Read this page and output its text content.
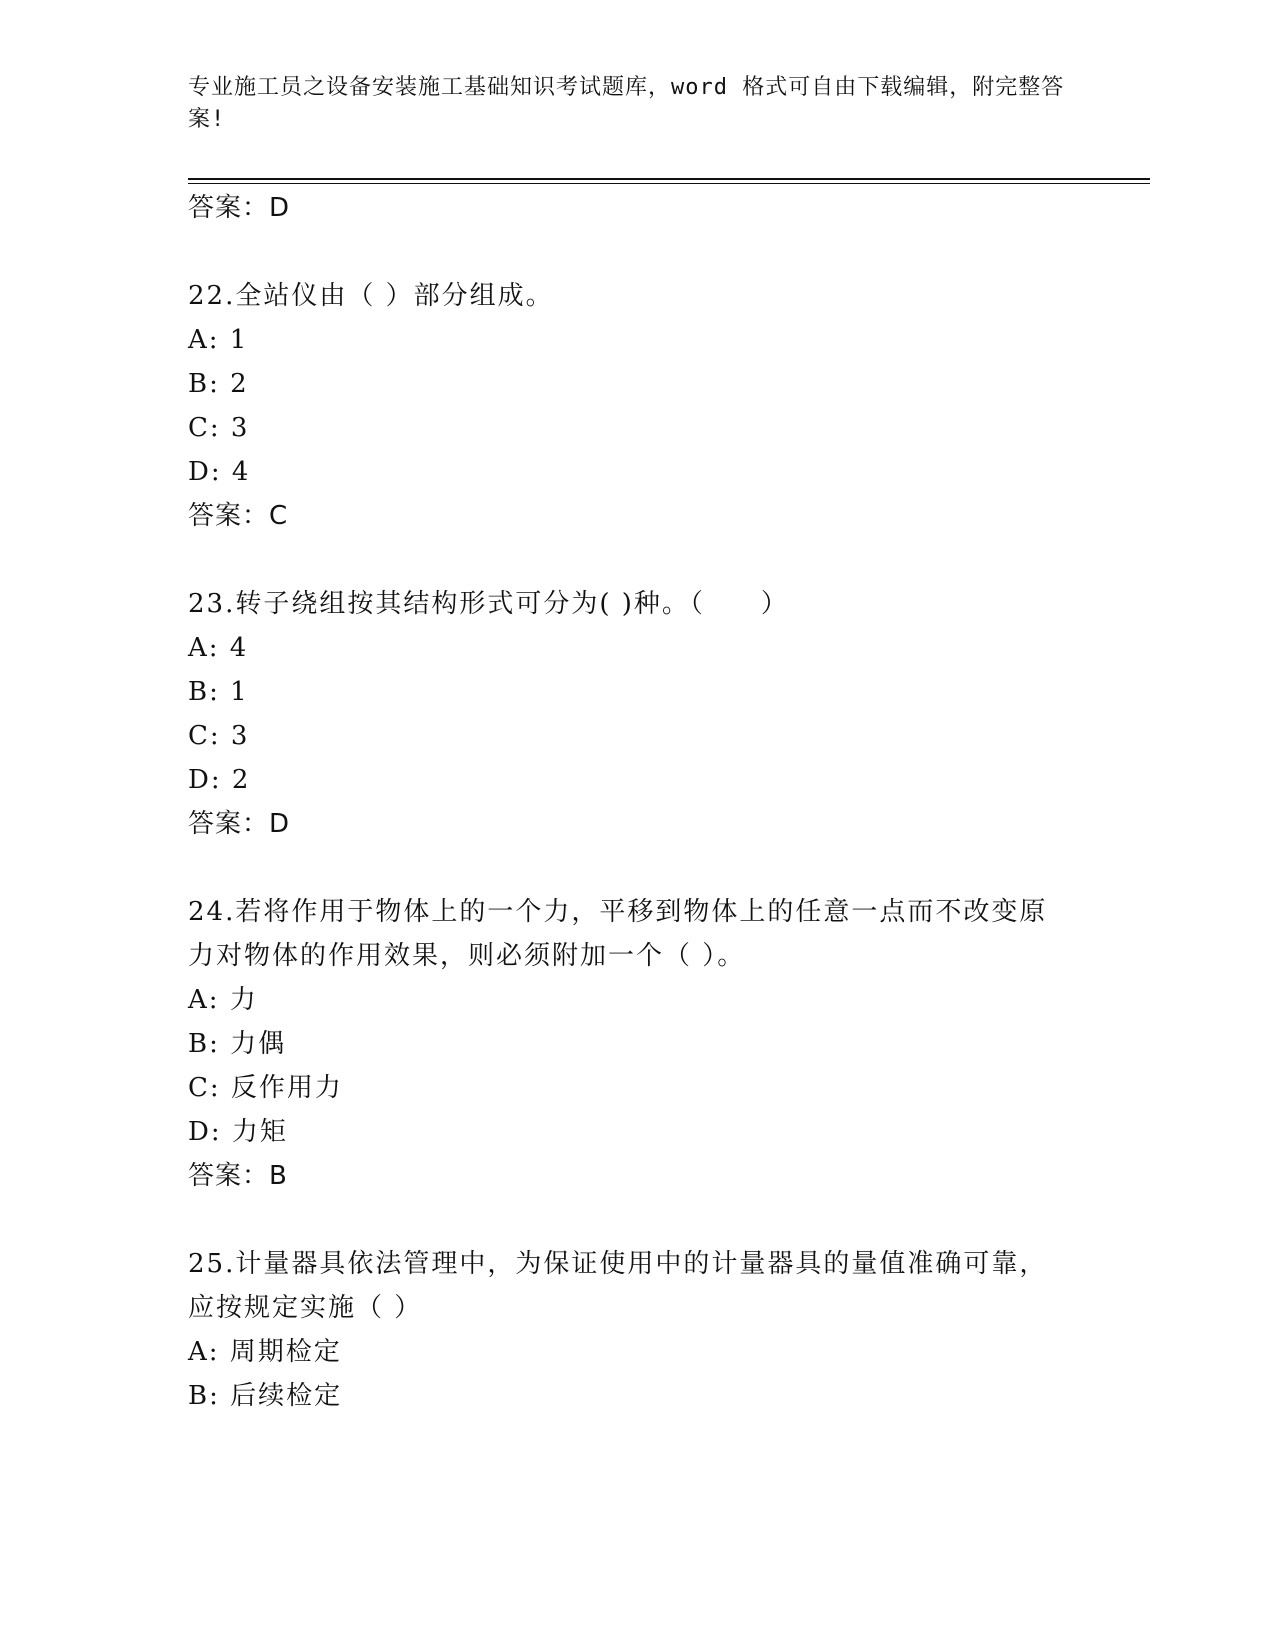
专业施工员之设备安装施工基础知识考试题库，word 格式可自由下载编辑，附完整答案!
答案：D
22.全站仪由（ ）部分组成。
A: 1
B: 2
C: 3
D: 4
答案：C
23.转子绕组按其结构形式可分为( )种。（　　）
A: 4
B: 1
C: 3
D: 2
答案：D
24.若将作用于物体上的一个力，平移到物体上的任意一点而不改变原
力对物体的作用效果，则必须附加一个（ ）。
A: 力
B: 力偶
C: 反作用力
D: 力矩
答案：B
25.计量器具依法管理中，为保证使用中的计量器具的量值准确可靠，
应按规定实施（ ）
A: 周期检定
B: 后续检定
